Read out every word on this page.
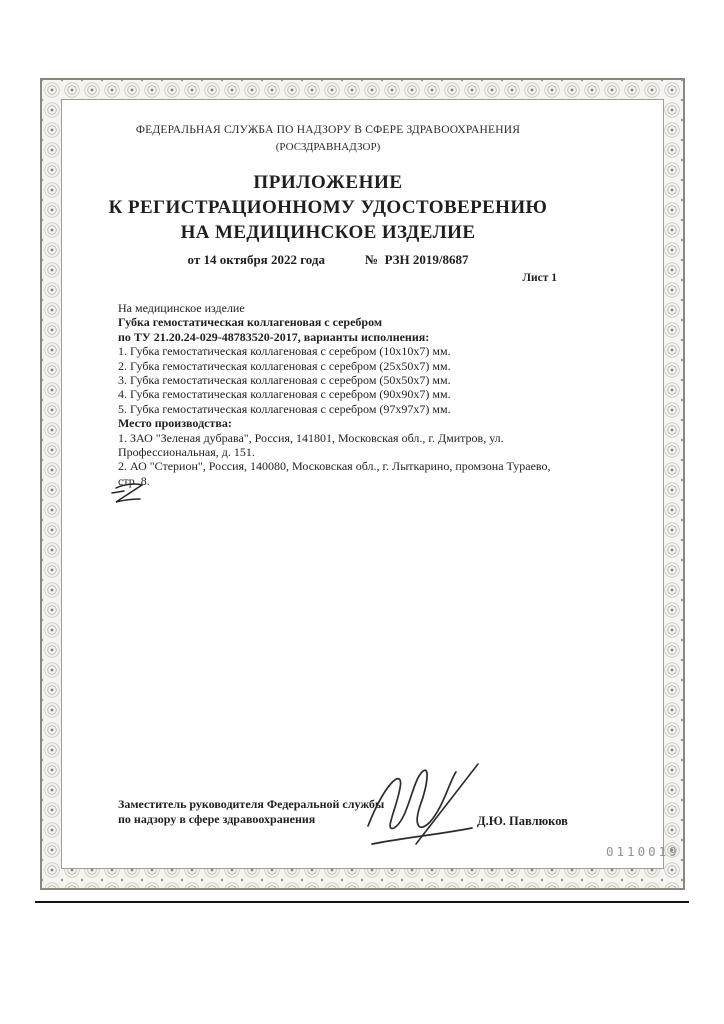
ФЕДЕРАЛЬНАЯ СЛУЖБА ПО НАДЗОРУ В СФЕРЕ ЗДРАВООХРАНЕНИЯ
(РОСЗДРАВНАДЗОР)
ПРИЛОЖЕНИЕ
К РЕГИСТРАЦИОННОМУ УДОСТОВЕРЕНИЮ
НА МЕДИЦИНСКОЕ ИЗДЕЛИЕ
от 14 октября 2022 года	№  РЗН 2019/8687
Лист 1
На медицинское изделие
Губка гемостатическая коллагеновая с серебром
по ТУ 21.20.24-029-48783520-2017, варианты исполнения:
1. Губка гемостатическая коллагеновая с серебром (10х10х7) мм.
2. Губка гемостатическая коллагеновая с серебром (25х50х7) мм.
3. Губка гемостатическая коллагеновая с серебром (50х50х7) мм.
4. Губка гемостатическая коллагеновая с серебром (90х90х7) мм.
5. Губка гемостатическая коллагеновая с серебром (97х97х7) мм.
Место производства:
1. ЗАО "Зеленая дубрава", Россия, 141801, Московская обл., г. Дмитров, ул. Профессиональная, д. 151.
2. АО "Стерион", Россия, 140080, Московская обл., г. Лыткарино, промзона Тураево, стр. 8.
Заместитель руководителя Федеральной службы
по надзору в сфере здравоохранения	Д.Ю. Павлюков
0110019
